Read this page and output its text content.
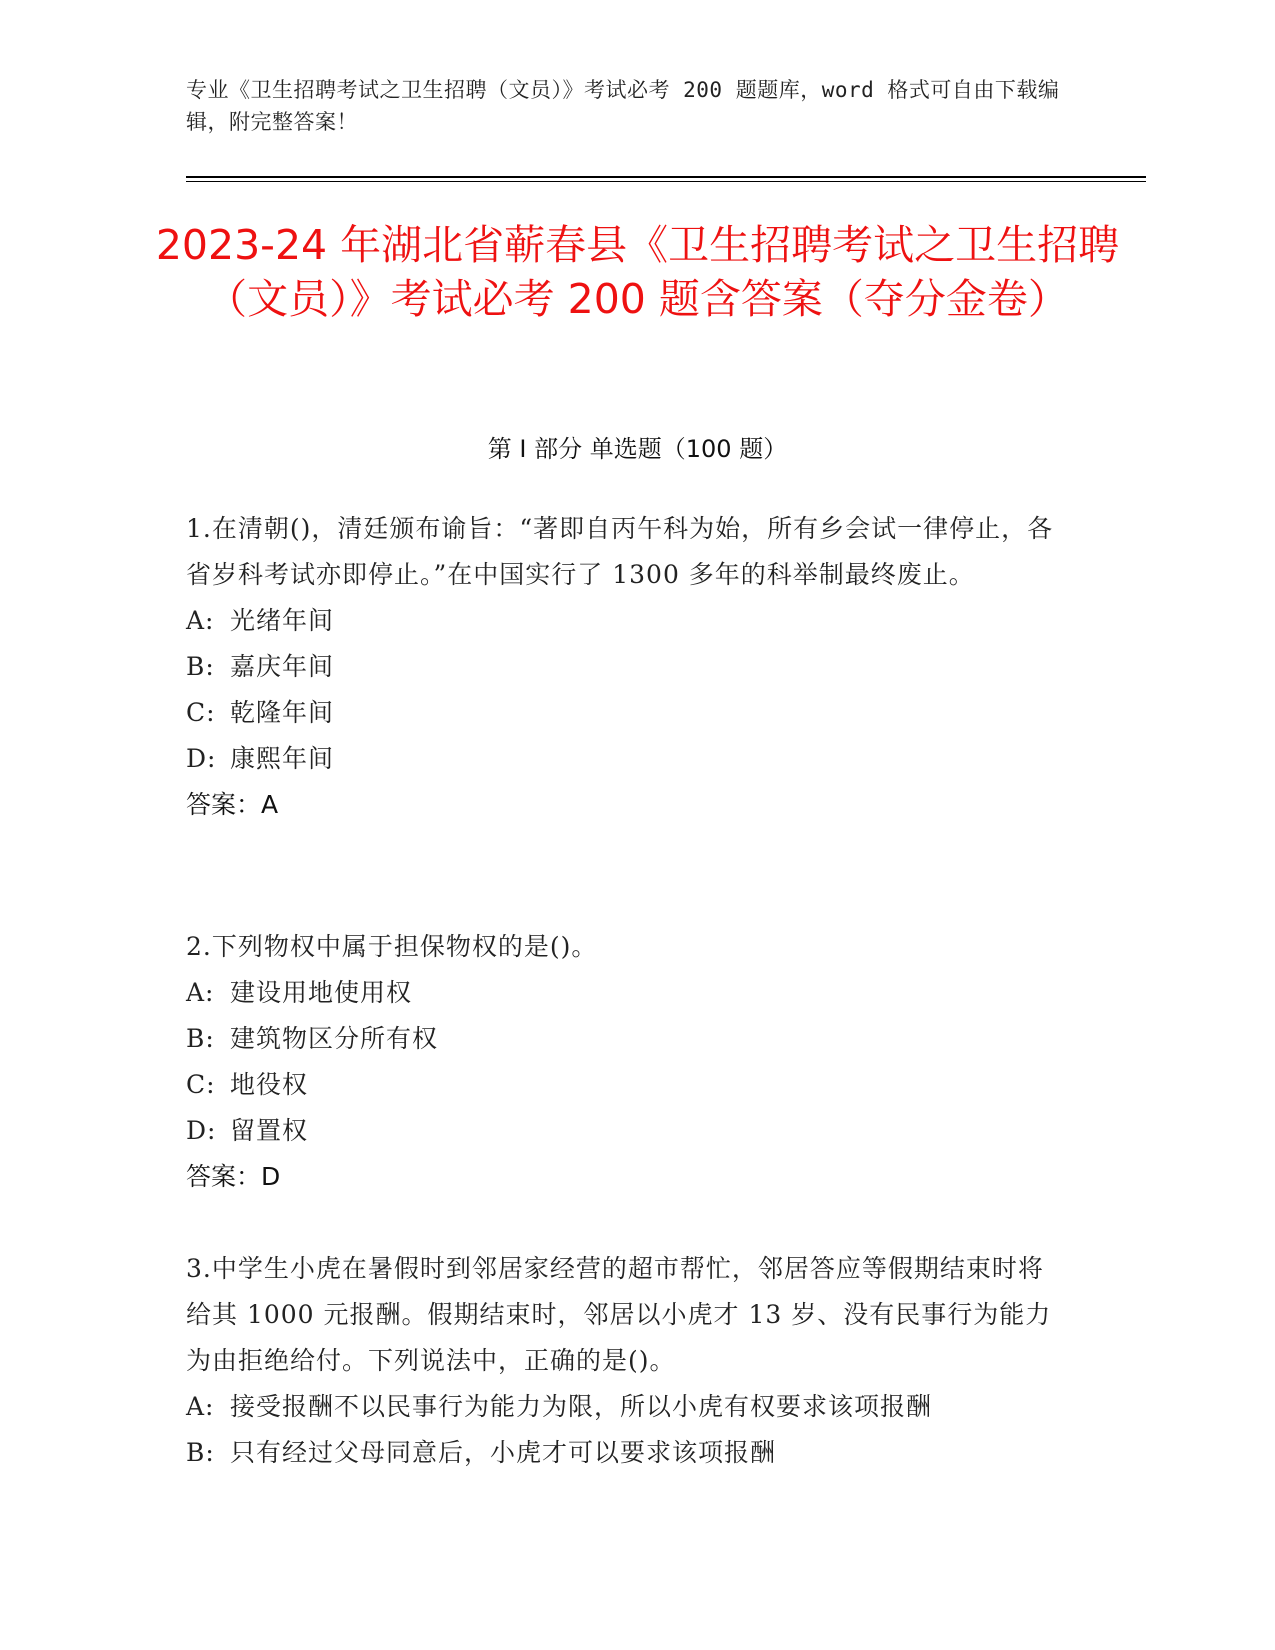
专业《卫生招聘考试之卫生招聘（文员）》考试必考 200 题题库，word 格式可自由下载编辑，附完整答案！
2023-24 年湖北省蕲春县《卫生招聘考试之卫生招聘（文员）》考试必考 200 题含答案（夺分金卷）
第 I 部分 单选题（100 题）
1.在清朝()，清廷颁布谕旨：“著即自丙午科为始，所有乡会试一律停止，各省岁科考试亦即停止。”在中国实行了 1300 多年的科举制最终废止。
A: 光绪年间
B: 嘉庆年间
C: 乾隆年间
D: 康熙年间
答案：A
2.下列物权中属于担保物权的是()。
A: 建设用地使用权
B: 建筑物区分所有权
C: 地役权
D: 留置权
答案：D
3.中学生小虎在暑假时到邻居家经营的超市帮忙，邻居答应等假期结束时将给其 1000 元报酬。假期结束时，邻居以小虎才 13 岁、没有民事行为能力为由拒绝给付。下列说法中，正确的是()。
A: 接受报酬不以民事行为能力为限，所以小虎有权要求该项报酬
B: 只有经过父母同意后，小虎才可以要求该项报酬
